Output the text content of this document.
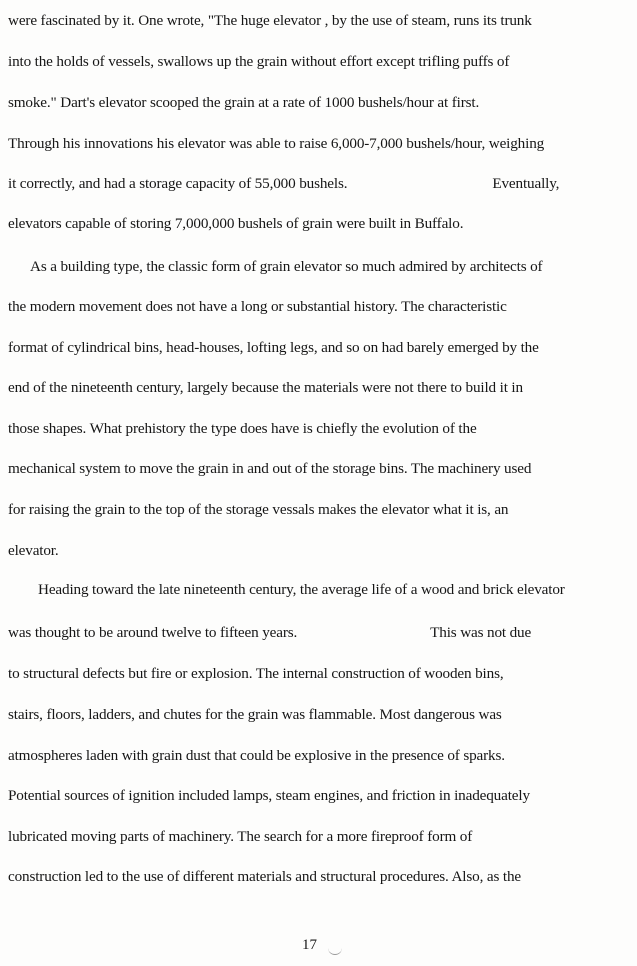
were fascinated by it. One wrote, "The huge elevator , by the use of steam, runs its trunk
into the holds of vessels, swallows up the grain without effort except trifling puffs of
smoke." Dart's elevator scooped the grain at a rate of 1000 bushels/hour at first.
Through his innovations his elevator was able to raise 6,000-7,000 bushels/hour, weighing
it correctly, and had a storage capacity of 55,000 bushels.	Eventually,
elevators capable of storing 7,000,000 bushels of grain were built in Buffalo.
As a building type, the classic form of grain elevator so much admired by architects of
the modern movement does not have a long or substantial history. The characteristic
format of cylindrical bins, head-houses, lofting legs, and so on had barely emerged by the
end of the nineteenth century, largely because the materials were not there to build it in
those shapes. What prehistory the type does have is chiefly the evolution of the
mechanical system to move the grain in and out of the storage bins. The machinery used
for raising the grain to the top of the storage vessals makes the elevator what it is, an
elevator.
Heading toward the late nineteenth century, the average life of a wood and brick elevator
was thought to be around twelve to fifteen years.	This was not due
to structural defects but fire or explosion. The internal construction of wooden bins,
stairs, floors, ladders, and chutes for the grain was flammable. Most dangerous was
atmospheres laden with grain dust that could be explosive in the presence of sparks.
Potential sources of ignition included lamps, steam engines, and friction in inadequately
lubricated moving parts of machinery. The search for a more fireproof form of
construction led to the use of different materials and structural procedures. Also, as the
17
